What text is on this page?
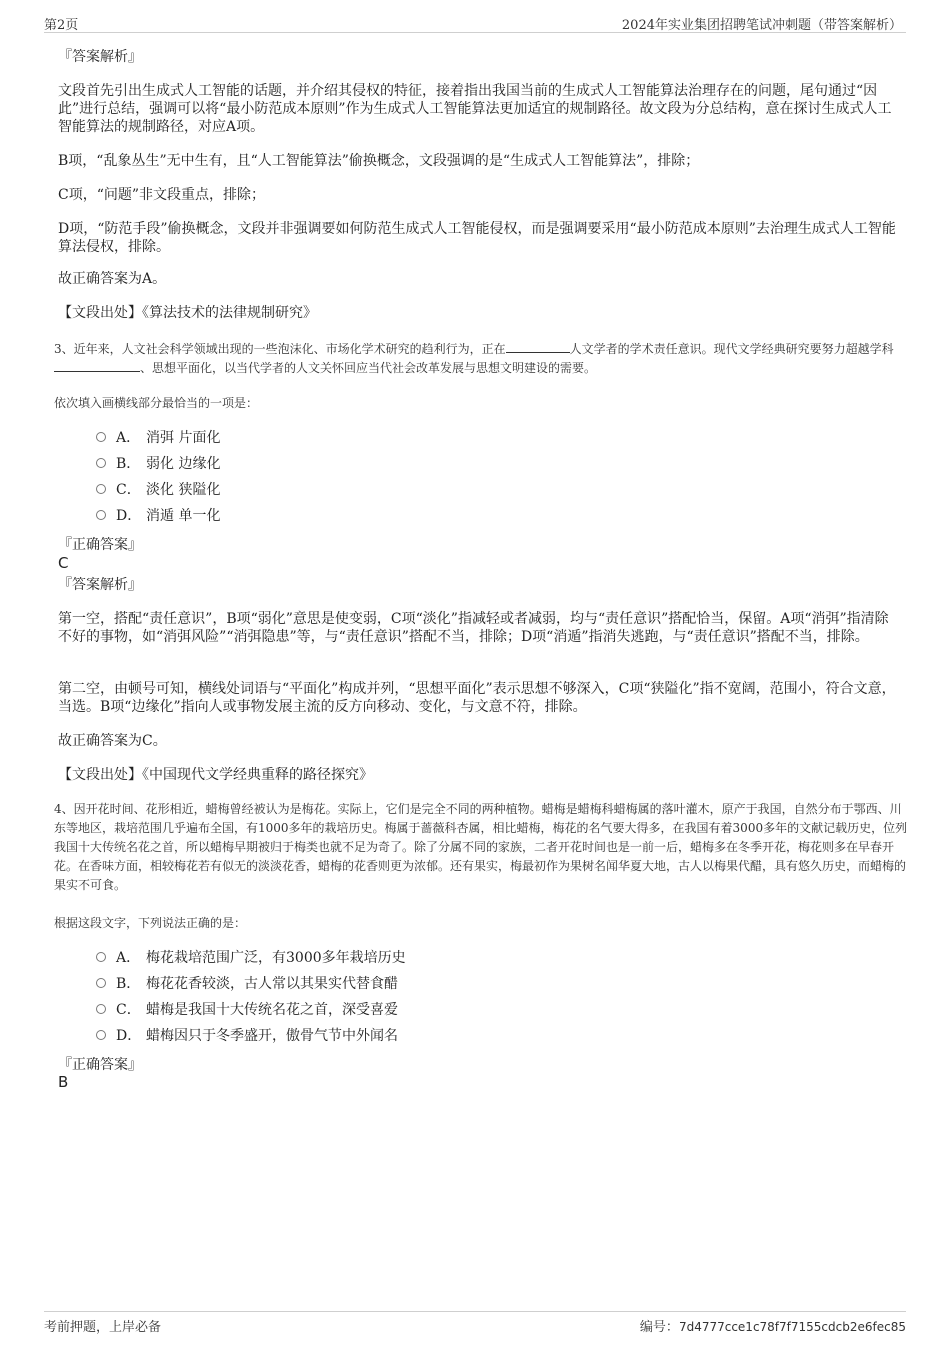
第2页	2024年实业集团招聘笔试冲刺题（带答案解析）
『答案解析』
文段首先引出生成式人工智能的话题，并介绍其侵权的特征，接着指出我国当前的生成式人工智能算法治理存在的问题，尾句通过“因此”进行总结，强调可以将“最小防范成本原则”作为生成式人工智能算法更加适宜的规制路径。故文段为分总结构，意在探讨生成式人工智能算法的规制路径，对应A项。
B项，“乱象丛生”无中生有，且“人工智能算法”偷换概念，文段强调的是“生成式人工智能算法”，排除；
C项，“问题”非文段重点，排除；
D项，“防范手段”偷换概念，文段并非强调要如何防范生成式人工智能侵权，而是强调要采用“最小防范成本原则”去治理生成式人工智能算法侵权，排除。
故正确答案为A。
【文段出处】《算法技术的法律规制研究》
3、近年来，人文社会科学领域出现的一些泡沫化、市场化学术研究的趋利行为，正在	人文学者的学术责任意识。现代文学经典研究要努力超越学科、思想平面化，以当代学者的人文关怀回应当代社会改革发展与思想文明建设的需要。
依次填入画横线部分最恰当的一项是：
A． 消弭 片面化
B． 弱化 边缘化
C． 淡化 狭隘化
D． 消遁 单一化
『正确答案』
C
『答案解析』
第一空，搭配“责任意识”，B项“弱化”意思是使变弱，C项“淡化”指减轻或者减弱，均与“责任意识”搭配恰当，保留。A项“消弭”指清除不好的事物，如“消弭风险”“消弭隐患”等，与“责任意识”搭配不当，排除；D项“消遁”指消失逃跑，与“责任意识”搭配不当，排除。
第二空，由顿号可知，横线处词语与“平面化”构成并列，“思想平面化”表示思想不够深入，C项“狭隘化”指不宽阔，范围小，符合文意，当选。B项“边缘化”指向人或事物发展主流的反方向移动、变化，与文意不符，排除。
故正确答案为C。
【文段出处】《中国现代文学经典重释的路径探究》
4、因开花时间、花形相近，蜡梅曾经被认为是梅花。实际上，它们是完全不同的两种植物。蜡梅是蜡梅科蜡梅属的落叶灌木，原产于我国，自然分布于鄂西、川东等地区，栽培范围几乎遍布全国，有1000多年的栽培历史。梅属于蔷薇科杏属，相比蜡梅，梅花的名气要大得多，在我国有着3000多年的文献记载历史，位列我国十大传统名花之首，所以蜡梅早期被归于梅类也就不足为奇了。除了分属不同的家族，二者开花时间也是一前一后，蜡梅多在冬季开花，梅花则多在早春开花。在香味方面，相较梅花若有似无的淡淡花香，蜡梅的花香则更为浓郁。还有果实，梅最初作为果树名闻华夏大地，古人以梅果代醋，具有悠久历史，而蜡梅的果实不可食。
根据这段文字，下列说法正确的是：
A． 梅花栽培范围广泛，有3000多年栽培历史
B． 梅花花香较淡，古人常以其果实代替食醋
C． 蜡梅是我国十大传统名花之首，深受喜爱
D． 蜡梅因只于冬季盛开，傲骨气节中外闻名
『正确答案』
B
考前押题，上岸必备	编号：7d4777cce1c78f7f7155cdcb2e6fec85
